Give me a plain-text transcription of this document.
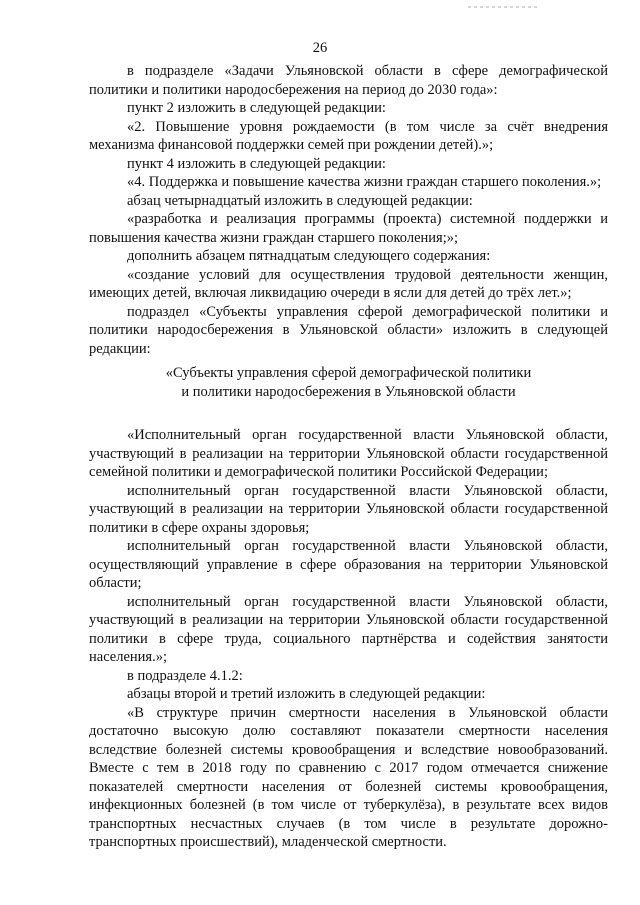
26

в подразделе «Задачи Ульяновской области в сфере демографической политики и политики народосбережения на период до 2030 года»:

пункт 2 изложить в следующей редакции:

«2. Повышение уровня рождаемости (в том числе за счёт внедрения механизма финансовой поддержки семей при рождении детей).»;

пункт 4 изложить в следующей редакции:

«4. Поддержка и повышение качества жизни граждан старшего поколения.»;

абзац четырнадцатый изложить в следующей редакции:

«разработка и реализация программы (проекта) системной поддержки и повышения качества жизни граждан старшего поколения;»;

дополнить абзацем пятнадцатым следующего содержания:

«создание условий для осуществления трудовой деятельности женщин, имеющих детей, включая ликвидацию очереди в ясли для детей до трёх лет.»;

подраздел «Субъекты управления сферой демографической политики и политики народосбережения в Ульяновской области» изложить в следующей редакции:

«Субъекты управления сферой демографической политики
и политики народосбережения в Ульяновской области

«Исполнительный орган государственной власти Ульяновской области, участвующий в реализации на территории Ульяновской области государственной семейной политики и демографической политики Российской Федерации;

исполнительный орган государственной власти Ульяновской области, участвующий в реализации на территории Ульяновской области государственной политики в сфере охраны здоровья;

исполнительный орган государственной власти Ульяновской области, осуществляющий управление в сфере образования на территории Ульяновской области;

исполнительный орган государственной власти Ульяновской области, участвующий в реализации на территории Ульяновской области государственной политики в сфере труда, социального партнёрства и содействия занятости населения.»;

в подразделе 4.1.2:

абзацы второй и третий изложить в следующей редакции:

«В структуре причин смертности населения в Ульяновской области достаточно высокую долю составляют показатели смертности населения вследствие болезней системы кровообращения и вследствие новообразований. Вместе с тем в 2018 году по сравнению с 2017 годом отмечается снижение показателей смертности населения от болезней системы кровообращения, инфекционных болезней (в том числе от туберкулёза), в результате всех видов транспортных несчастных случаев (в том числе в результате дорожно-транспортных происшествий), младенческой смертности.
